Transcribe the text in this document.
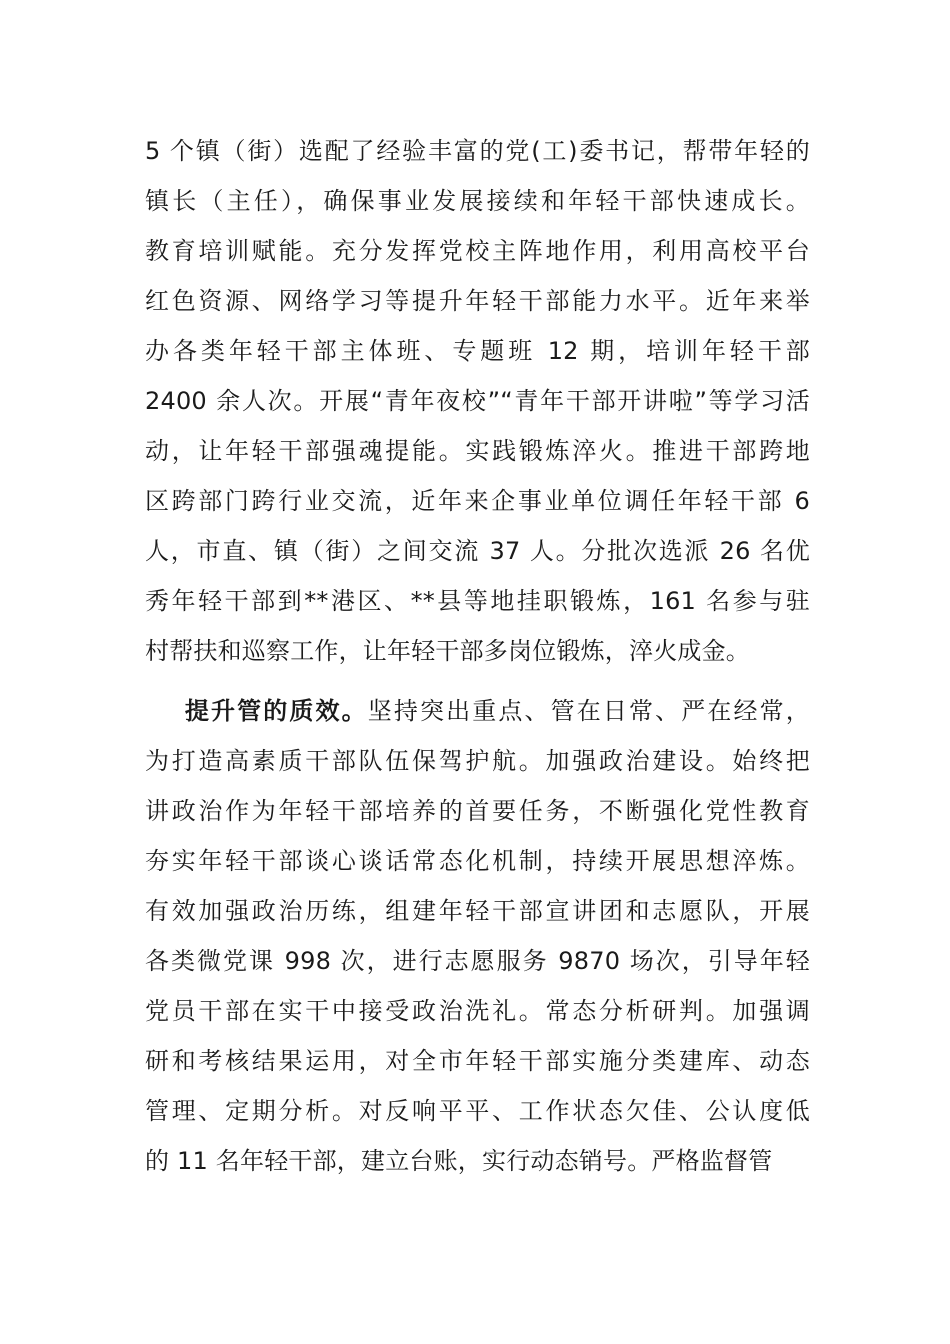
5 个镇（街）选配了经验丰富的党(工)委书记，帮带年轻的
镇长（主任），确保事业发展接续和年轻干部快速成长。
教育培训赋能。充分发挥党校主阵地作用，利用高校平台
红色资源、网络学习等提升年轻干部能力水平。近年来举
办各类年轻干部主体班、专题班 12 期，培训年轻干部
2400 余人次。开展“青年夜校”“青年干部开讲啦”等学习活
动，让年轻干部强魂提能。实践锻炼淬火。推进干部跨地
区跨部门跨行业交流，近年来企事业单位调任年轻干部 6
人，市直、镇（街）之间交流 37 人。分批次选派 26 名优
秀年轻干部到**港区、**县等地挂职锻炼，161 名参与驻
村帮扶和巡察工作，让年轻干部多岗位锻炼，淬火成金。
提升管的质效。坚持突出重点、管在日常、严在经常，
为打造高素质干部队伍保驾护航。加强政治建设。始终把
讲政治作为年轻干部培养的首要任务，不断强化党性教育
夯实年轻干部谈心谈话常态化机制，持续开展思想淬炼。
有效加强政治历练，组建年轻干部宣讲团和志愿队，开展
各类微党课 998 次，进行志愿服务 9870 场次，引导年轻
党员干部在实干中接受政治洗礼。常态分析研判。加强调
研和考核结果运用，对全市年轻干部实施分类建库、动态
管理、定期分析。对反响平平、工作状态欠佳、公认度低
的 11 名年轻干部，建立台账，实行动态销号。严格监督管
